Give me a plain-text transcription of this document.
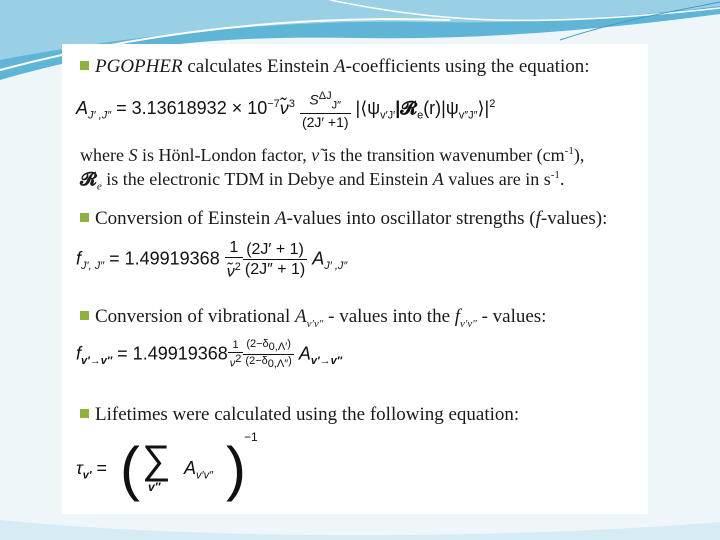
PGOPHER calculates Einstein A-coefficients using the equation:
$A_{J' ,J''} = 3.13618932$ × $10^{-7}\nũ^3 \frac{S^{\Delta J}_{J''}}{(2J' +1)}$ $|⟨\psi_{v'J'}|𝓡_e(r)|\psi_{v''J''}⟩|^2$
where S is Hönl-London factor, ν̃ is the transition wavenumber $(cm^{-1})$,
𝓡$_e$ is the electronic TDM in Debye and Einstein A values are in $s^{-1}$.
Conversion of Einstein A-values into oscillator strengths (f-values):
$f_{J', J''} = 1.49919368 \frac{1}{\nũ^2} \frac{(2J' + 1)}{(2J'' + 1)} A_{J' ,J''}$
Conversion of vibrational $A_{v'v''}$ - values into the $f_{v'v''}$ - values:
$f_{v'\to v''} = 1.49919368 \frac{1}{\nu^2} \frac{(2-\delta_{0,\Lambda'})}{(2-\delta_{0,\Lambda''})} A_{v'\to v''}$
Lifetimes were calculated using the following equation:
$\tau_{v'}$ = ( ∑
v″
$A_{v'v''}$ )
−1
